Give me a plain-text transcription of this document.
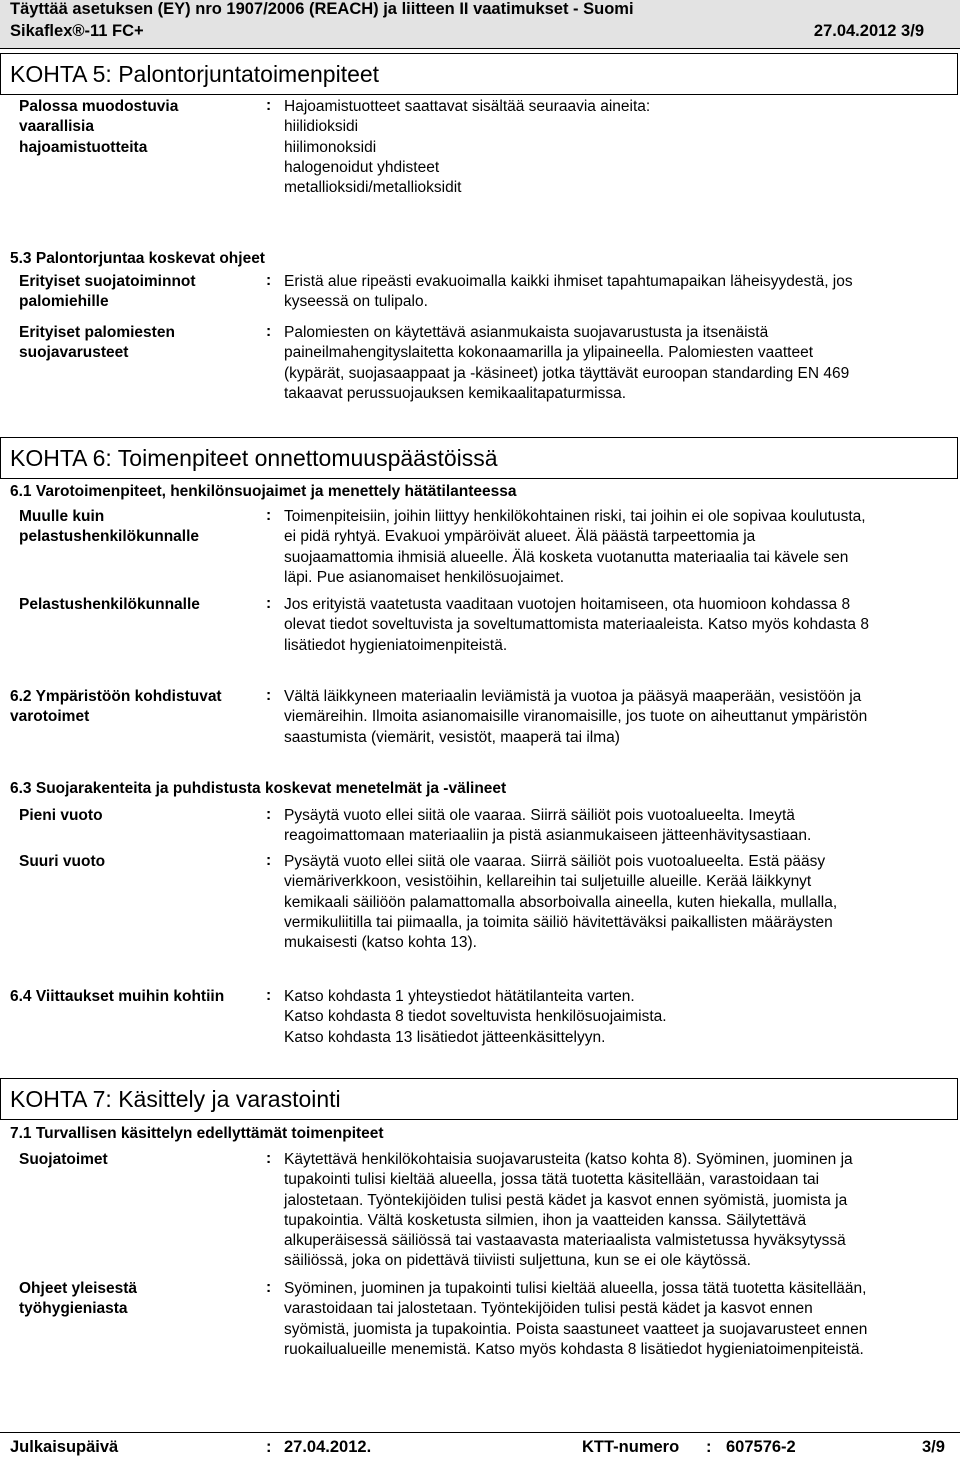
Täyttää asetuksen (EY) nro 1907/2006 (REACH) ja liitteen II vaatimukset - Suomi
Sikaflex®-11 FC+	27.04.2012 3/9
KOHTA 5: Palontorjuntatoimenpiteet
Palossa muodostuvia
vaarallisia
hajoamistuotteita
: Hajoamistuotteet saattavat sisältää seuraavia aineita:
hiilidioksidi
hiilimonoksidi
halogenoidut yhdisteet
metallioksidi/metallioksidit
5.3 Palontorjuntaa koskevat ohjeet
Erityiset suojatoiminnot
palomiehille
: Eristä alue ripeästi evakuoimalla kaikki ihmiset tapahtumapaikan läheisyydestä, jos
kyseessä on tulipalo.
Erityiset palomiesten
suojavarusteet
: Palomiesten on käytettävä asianmukaista suojavarustusta ja itsenäistä
paineilmahengityslaitetta kokonaamarilla ja ylipaineella. Palomiesten vaatteet
(kypärät, suojasaappaat ja -käsineet) jotka täyttävät euroopan standarding EN 469
takaavat perussuojauksen kemikaalitapaturmissa.
KOHTA 6: Toimenpiteet onnettomuuspäästöissä
6.1 Varotoimenpiteet, henkilönsuojaimet ja menettely hätätilanteessa
Muulle kuin
pelastushenkilökunnalle
: Toimenpiteisiin, joihin liittyy henkilökohtainen riski, tai joihin ei ole sopivaa koulutusta,
ei pidä ryhtyä. Evakuoi ympäröivät alueet. Älä päästä tarpeettomia ja
suojaamattomia ihmisiä alueelle. Älä kosketa vuotanutta materiaalia tai kävele sen
läpi. Pue asianomaiset henkilösuojaimet.
Pelastushenkilökunnalle	: Jos erityistä vaatetusta vaaditaan vuotojen hoitamiseen, ota huomioon kohdassa 8
olevat tiedot soveltuvista ja soveltumattomista materiaaleista. Katso myös kohdasta 8
lisätiedot hygieniatoimenpiteistä.
6.2 Ympäristöön kohdistuvat
varotoimet
: Vältä läikkyneen materiaalin leviämistä ja vuotoa ja pääsyä maaperään, vesistöön ja
viemäreihin. Ilmoita asianomaisille viranomaisille, jos tuote on aiheuttanut ympäristön
saastumista (viemärit, vesistöt, maaperä tai ilma)
6.3 Suojarakenteita ja puhdistusta koskevat menetelmät ja -välineet
Pieni vuoto	: Pysäytä vuoto ellei siitä ole vaaraa. Siirrä säiliöt pois vuotoalueelta. Imeytä
reagoimattomaan materiaaliin ja pistä asianmukaiseen jätteenhävitysastiaan.
Suuri vuoto	: Pysäytä vuoto ellei siitä ole vaaraa. Siirrä säiliöt pois vuotoalueelta. Estä pääsy
viemäriverkkoon, vesistöihin, kellareihin tai suljetuille alueille. Kerää läikkynyt
kemikaali säiliöön palamattomalla absorboivalla aineella, kuten hiekalla, mullalla,
vermikuliitilla tai piimaalla, ja toimita säiliö hävitettäväksi paikallisten määräysten
mukaisesti (katso kohta 13).
6.4 Viittaukset muihin kohtiin	: Katso kohdasta 1 yhteystiedot hätätilanteita varten.
Katso kohdasta 8 tiedot soveltuvista henkilösuojaimista.
Katso kohdasta 13 lisätiedot jätteenkäsittelyyn.
KOHTA 7: Käsittely ja varastointi
7.1 Turvallisen käsittelyn edellyttämät toimenpiteet
Suojatoimet	: Käytettävä henkilökohtaisia suojavarusteita (katso kohta 8). Syöminen, juominen ja
tupakointi tulisi kieltää alueella, jossa tätä tuotetta käsitellään, varastoidaan tai
jalostetaan. Työntekijöiden tulisi pestä kädet ja kasvot ennen syömistä, juomista ja
tupakointia. Vältä kosketusta silmien, ihon ja vaatteiden kanssa. Säilytettävä
alkuperäisessä säiliössä tai vastaavasta materiaalista valmistetussa hyväksytyssä
säiliössä, joka on pidettävä tiiviisti suljettuna, kun se ei ole käytössä.
Ohjeet yleisestä
työhygieniasta
: Syöminen, juominen ja tupakointi tulisi kieltää alueella, jossa tätä tuotetta käsitellään,
varastoidaan tai jalostetaan. Työntekijöiden tulisi pestä kädet ja kasvot ennen
syömistä, juomista ja tupakointia. Poista saastuneet vaatteet ja suojavarusteet ennen
ruokailualueille menemistä. Katso myös kohdasta 8 lisätiedot hygieniatoimenpiteistä.
Julkaisupäivä	: 27.04.2012.	KTT-numero : 607576-2	3/9
